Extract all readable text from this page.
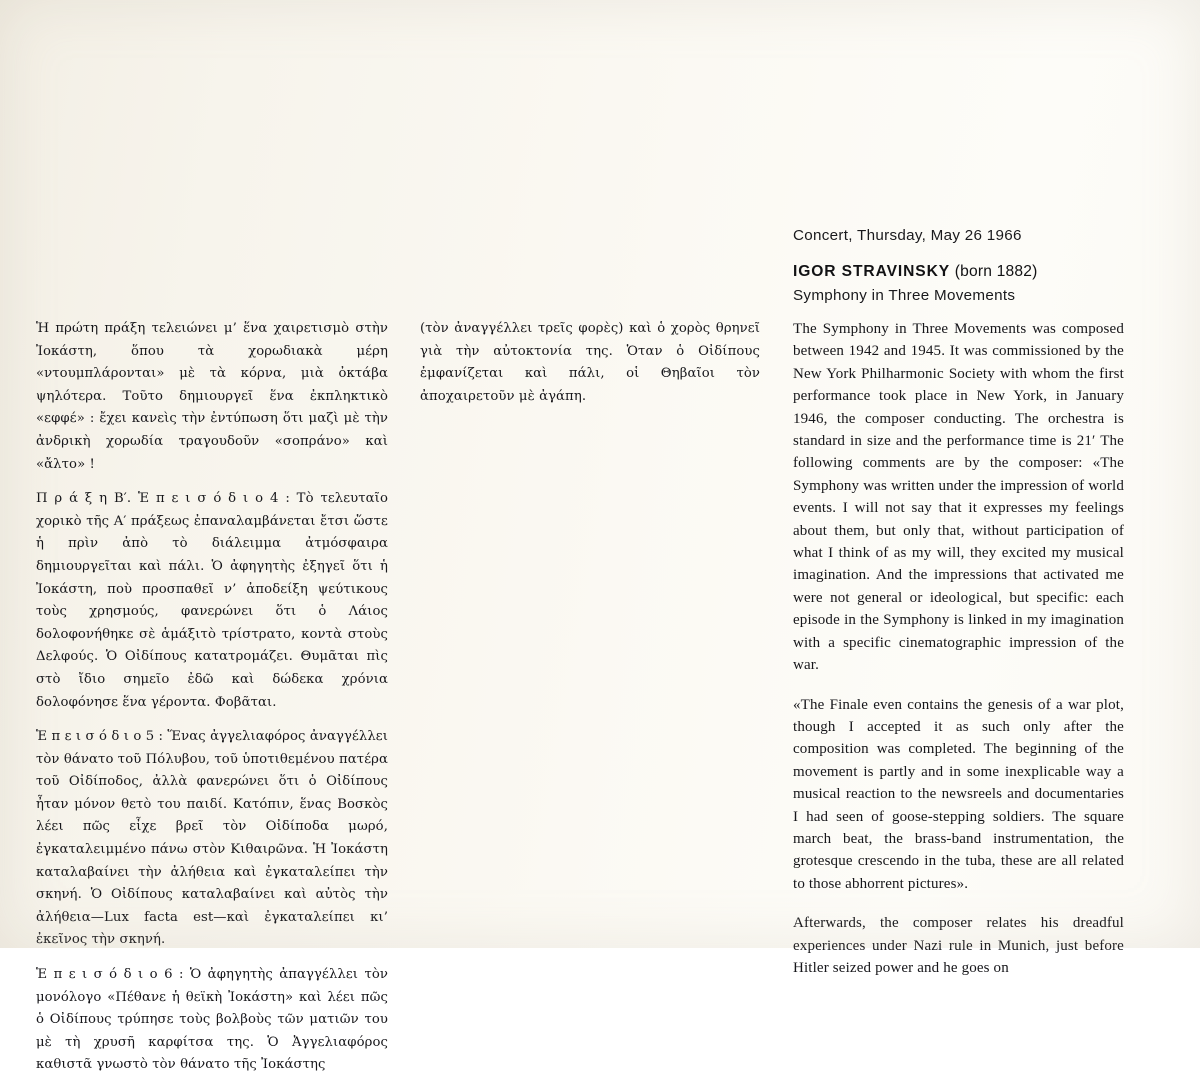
Concert, Thursday, May 26 1966
IGOR STRAVINSKY (born 1882)
Symphony in Three Movements

Ἡ πρώτη πράξη τελειώνει μ’ ἕνα χαιρετισμὸ στὴν Ἰοκάστη, ὅπου τὰ χορωδιακὰ μέρη «ντουμπλάρονται» μὲ τὰ κόρνα, μιὰ ὀκτάβα ψηλότερα. Τοῦτο δημιουργεῖ ἕνα ἐκπληκτικὸ «εφφέ» : ἔχει κανεὶς τὴν ἐντύπωση ὅτι μαζὶ μὲ τὴν ἀνδρικὴ χορωδία τραγουδοῦν «σοπράνο» καὶ «ἄλτο» !

Π ρ ά ξ η Β′. Ἑ π ε ι σ ό δ ι ο 4 : Τὸ τελευταῖο χορικὸ τῆς Α′ πράξεως ἐπαναλαμβάνεται ἔτσι ὥστε ἡ πρὶν ἀπὸ τὸ διάλειμμα ἀτμόσφαιρα δημιουργεῖται καὶ πάλι. Ὁ ἀφηγητὴς ἐξηγεῖ ὅτι ἡ Ἰοκάστη, ποὺ προσπαθεῖ ν’ ἀποδείξη ψεύτικους τοὺς χρησμούς, φανερώνει ὅτι ὁ Λάιος δολοφονήθηκε σὲ ἁμάξιτὸ τρίστρατο, κοντὰ στοὺς Δελφούς. Ὁ Οἰδίπους κατατρομάζει. Θυμᾶται πὶς στὸ ἴδιο σημεῖο ἐδῶ καὶ δώδεκα χρόνια δολοφόνησε ἕνα γέροντα. Φοβᾶται.

Ἑ π ε ι σ ό δ ι ο 5 : Ἕνας ἀγγελιαφόρος ἀναγγέλλει τὸν θάνατο τοῦ Πόλυβου, τοῦ ὑποτιθεμένου πατέρα τοῦ Οἰδίποδος, ἀλλὰ φανερώνει ὅτι ὁ Οἰδίπους ἦταν μόνον θετὸ του παιδί. Κατόπιν, ἕνας Βοσκὸς λέει πῶς εἶχε βρεῖ τὸν Οἰδίποδα μωρό, ἐγκαταλειμμένο πάνω στὸν Κιθαιρῶνα. Ἡ Ἰοκάστη καταλαβαίνει τὴν ἀλήθεια καὶ ἐγκαταλείπει τὴν σκηνή. Ὁ Οἰδίπους καταλαβαίνει καὶ αὐτὸς τὴν ἀλήθεια—Lux facta est—καὶ ἐγκαταλείπει κι’ ἐκεῖνος τὴν σκηνή.

Ἑ π ε ι σ ό δ ι ο 6 : Ὁ ἀφηγητὴς ἀπαγγέλλει τὸν μονόλογο «Πέθανε ἡ θεϊκὴ Ἰοκάστη» καὶ λέει πῶς ὁ Οἰδίπους τρύπησε τοὺς βολβοὺς τῶν ματιῶν του μὲ τὴ χρυσῆ καρφίτσα της. Ὁ Ἀγγελιαφόρος καθιστᾶ γνωστὸ τὸν θάνατο τῆς Ἰοκάστης

(τὸν ἀναγγέλλει τρεῖς φορὲς) καὶ ὁ χορὸς θρηνεῖ γιὰ τὴν αὐτοκτονία της. Ὁταν ὁ Οἰδίπους ἐμφανίζεται καὶ πάλι, οἱ Θηβαῖοι τὸν ἀποχαιρετοῦν μὲ ἀγάπη.

The Symphony in Three Movements was composed between 1942 and 1945. It was commissioned by the New York Philharmonic Society with whom the first performance took place in New York, in January 1946, the composer conducting. The orchestra is standard in size and the performance time is 21′ The following comments are by the composer: «The Symphony was written under the impression of world events. I will not say that it expresses my feelings about them, but only that, without participation of what I think of as my will, they excited my musical imagination. And the impressions that activated me were not general or ideological, but specific: each episode in the Symphony is linked in my imagination with a specific cinematographic impression of the war.

«The Finale even contains the genesis of a war plot, though I accepted it as such only after the composition was completed. The beginning of the movement is partly and in some inexplicable way a musical reaction to the newsreels and documentaries I had seen of goose-stepping soldiers. The square march beat, the brass-band instrumentation, the grotesque crescendo in the tuba, these are all related to those abhorrent pictures».

Afterwards, the composer relates his dreadful experiences under Nazi rule in Munich, just before Hitler seized power and he goes on
